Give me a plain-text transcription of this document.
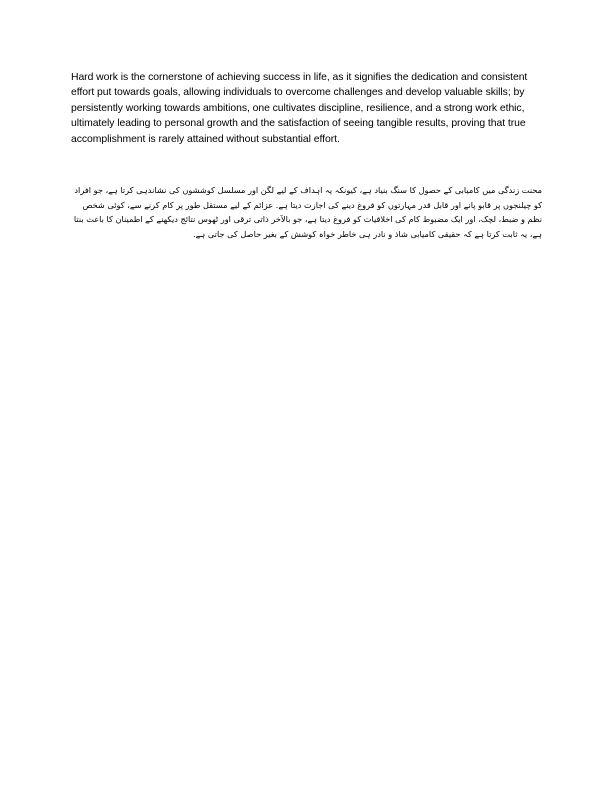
Hard work is the cornerstone of achieving success in life, as it signifies the dedication and consistent effort put towards goals, allowing individuals to overcome challenges and develop valuable skills; by persistently working towards ambitions, one cultivates discipline, resilience, and a strong work ethic, ultimately leading to personal growth and the satisfaction of seeing tangible results, proving that true accomplishment is rarely attained without substantial effort.

محنت زندگی میں کامیابی کے حصول کا سنگ بنیاد ہے، کیونکہ یہ اہداف کے لیے لگن اور مسلسل کوششوں کی نشاندہی کرتا ہے، جو افراد کو چیلنجوں پر قابو پانے اور قابل قدر مہارتوں کو فروغ دینے کی اجازت دیتا ہے. عزائم کے لیے مستقل طور پر کام کرنے سے، کوئی شخص نظم و ضبط، لچک، اور ایک مضبوط کام کی اخلاقیات کو فروغ دیتا ہے، جو بالآخر ذاتی ترقی اور ٹھوس نتائج دیکھنے کے اطمینان کا باعث بنتا ہے، یہ ثابت کرتا ہے کہ حقیقی کامیابی شاذ و نادر ہی خاطر خواہ کوشش کے بغیر حاصل کی جاتی ہے.
